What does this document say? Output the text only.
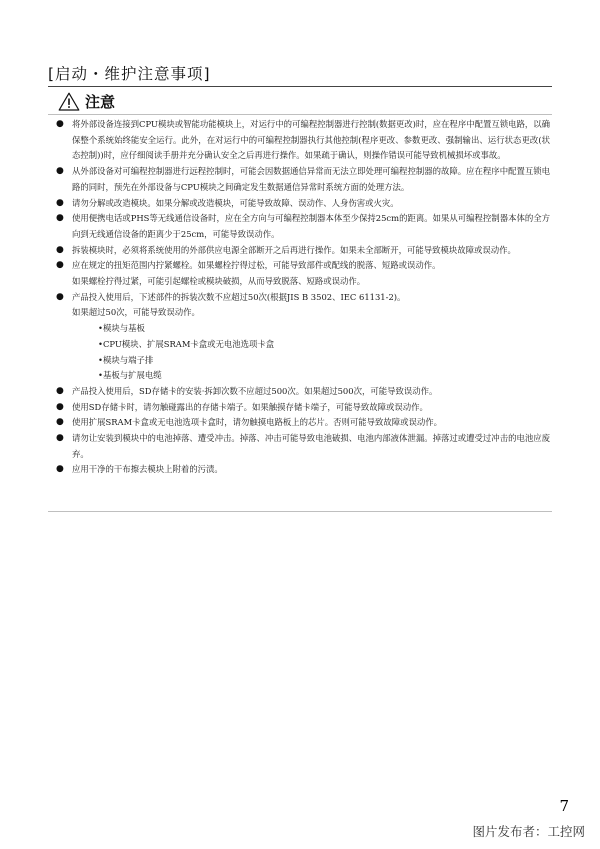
[启动・维护注意事项]
注意
● 将外部设备连接到CPU模块或智能功能模块上，对运行中的可编程控制器进行控制(数据更改)时，应在程序中配置互锁电路，以确保整个系统始终能安全运行。此外，在对运行中的可编程控制器执行其他控制(程序更改、参数更改、强制输出、运行状态更改(状态控制))时，应仔细阅读手册并充分确认安全之后再进行操作。如果疏于确认，则操作错误可能导致机械损坏或事故。
● 从外部设备对可编程控制器进行远程控制时，可能会因数据通信异常而无法立即处理可编程控制器的故障。应在程序中配置互锁电路的同时，预先在外部设备与CPU模块之间确定发生数据通信异常时系统方面的处理方法。
● 请勿分解或改造模块。如果分解或改造模块，可能导致故障、误动作、人身伤害或火灾。
● 使用便携电话或PHS等无线通信设备时，应在全方向与可编程控制器本体至少保持25cm的距离。如果从可编程控制器本体的全方向到无线通信设备的距离少于25cm，可能导致误动作。
● 拆装模块时，必须将系统使用的外部供应电源全部断开之后再进行操作。如果未全部断开，可能导致模块故障或误动作。
● 应在规定的扭矩范围内拧紧螺栓。如果螺栓拧得过松，可能导致部件或配线的脱落、短路或误动作。
如果螺栓拧得过紧，可能引起螺栓或模块破损，从而导致脱落、短路或误动作。
● 产品投入使用后，下述部件的拆装次数不应超过50次(根据JIS B 3502、IEC 61131-2)。
如果超过50次，可能导致误动作。
•模块与基板
•CPU模块、扩展SRAM卡盒或无电池选项卡盒
•模块与端子排
•基板与扩展电缆
● 产品投入使用后，SD存储卡的安装·拆卸次数不应超过500次。如果超过500次，可能导致误动作。
● 使用SD存储卡时，请勿触碰露出的存储卡端子。如果触摸存储卡端子，可能导致故障或误动作。
● 使用扩展SRAM卡盒或无电池选项卡盒时，请勿触摸电路板上的芯片。否则可能导致故障或误动作。
● 请勿让安装到模块中的电池掉落、遭受冲击。掉落、冲击可能导致电池破损、电池内部液体泄漏。掉落过或遭受过冲击的电池应废弃。
● 应用干净的干布擦去模块上附着的污渍。
7
图片发布者：工控网
